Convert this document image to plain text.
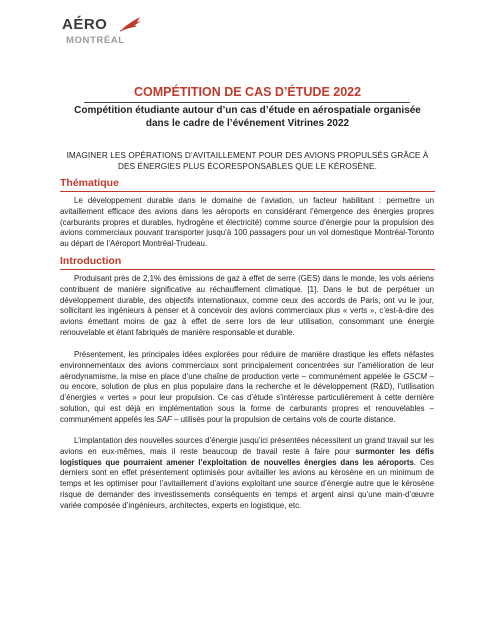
AÉRO
MONTRÉAL
COMPÉTITION DE CAS D’ÉTUDE 2022
Compétition étudiante autour d’un cas d’étude en aérospatiale organisée
dans le cadre de l’événement Vitrines 2022
IMAGINER LES OPÉRATIONS D’AVITAILLEMENT POUR DES AVIONS PROPULSÉS GRÂCE À
DES ÉNERGIES PLUS ÉCORESPONSABLES QUE LE KÉROSÈNE.
Thématique
Le développement durable dans le domaine de l’aviation, un facteur habilitant : permettre un avitaillement efficace des avions dans les aéroports en considérant l’émergence des énergies propres (carburants propres et durables, hydrogène et électricité) comme source d’énergie pour la propulsion des avions commerciaux pouvant transporter jusqu’à 100 passagers pour un vol domestique Montréal-Toronto au départ de l’Aéroport Montréal-Trudeau.
Introduction
Produisant près de 2,1% des émissions de gaz à effet de serre (GES) dans le monde, les vols aériens contribuent de manière significative au réchauffement climatique. [1]. Dans le but de perpétuer un développement durable, des objectifs internationaux, comme ceux des accords de Paris, ont vu le jour, sollicitant les ingénieurs à penser et à concevoir des avions commerciaux plus « verts », c’est-à-dire des avions émettant moins de gaz à effet de serre lors de leur utilisation, consommant une énergie renouvelable et étant fabriqués de manière responsable et durable.
Présentement, les principales idées explorées pour réduire de manière drastique les effets néfastes environnementaux des avions commerciaux sont principalement concentrées sur l’amélioration de leur aérodynamisme, la mise en place d’une chaîne de production verte – communément appelée le GSCM – ou encore, solution de plus en plus populaire dans la recherche et le développement (R&D), l’utilisation d’énergies « vertes » pour leur propulsion. Ce cas d’étude s’intéresse particulièrement à cette dernière solution, qui est déjà en implémentation sous la forme de carburants propres et renouvelables – communément appelés les SAF – utilisés pour la propulsion de certains vols de courte distance.
L’implantation des nouvelles sources d’énergie jusqu’ici présentées nécessitent un grand travail sur les avions en eux-mêmes, mais il reste beaucoup de travail reste à faire pour surmonter les défis logistiques que pourraient amener l’exploitation de nouvelles énergies dans les aéroports. Ces derniers sont en effet présentement optimisés pour avitailler les avions au kérosène en un minimum de temps et les optimiser pour l’avitaillement d’avions exploitant une source d’énergie autre que le kérosène risque de demander des investissements conséquents en temps et argent ainsi qu’une main-d’œuvre variée composée d’ingénieurs, architectes, experts en logistique, etc.
